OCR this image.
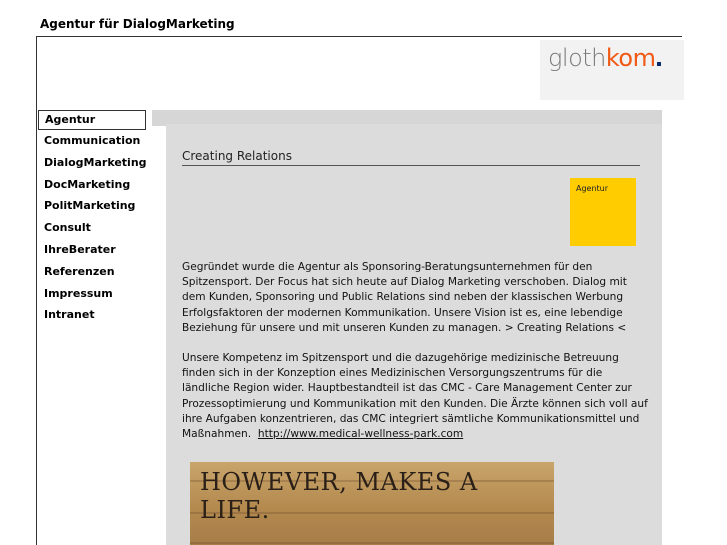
Agentur für DialogMarketing
glothkom
Agentur
Communication
DialogMarketing
DocMarketing
PolitMarketing
Consult
IhreBerater
Referenzen
Impressum
Intranet
Creating Relations
Agentur

Gegründet wurde die Agentur als Sponsoring-Beratungsunternehmen für den Spitzensport. Der Focus hat sich heute auf Dialog Marketing verschoben. Dialog mit dem Kunden, Sponsoring und Public Relations sind neben der klassischen Werbung Erfolgsfaktoren der modernen Kommunikation. Unsere Vision ist es, eine lebendige Beziehung für unsere und mit unseren Kunden zu managen. > Creating Relations <

Unsere Kompetenz im Spitzensport und die dazugehörige medizinische Betreuung finden sich in der Konzeption eines Medizinischen Versorgungszentrums für die ländliche Region wider. Hauptbestandteil ist das CMC - Care Management Center zur Prozessoptimierung und Kommunikation mit den Kunden. Die Ärzte können sich voll auf ihre Aufgaben konzentrieren, das CMC integriert sämtliche Kommunikationsmittel und Maßnahmen. http://www.medical-wellness-park.com

HOWEVER, MAKES A LIFE.
